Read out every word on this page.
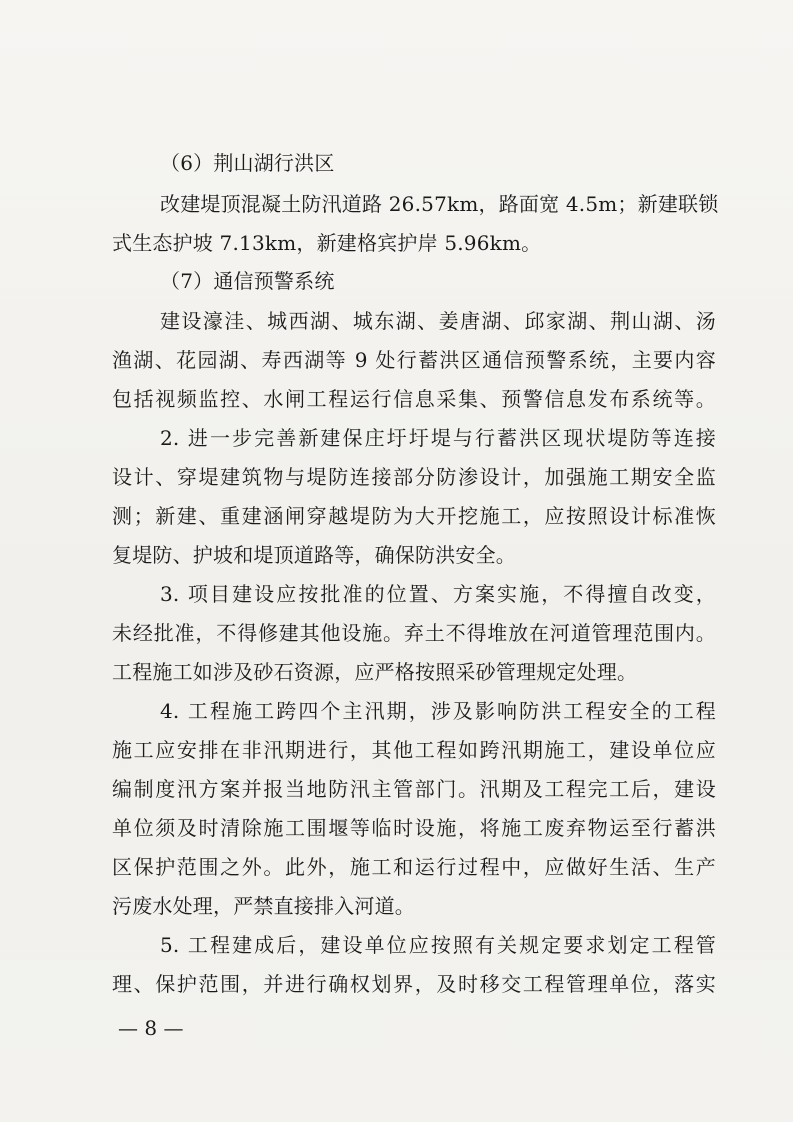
（6）荆山湖行洪区
改建堤顶混凝土防汛道路 26.57km，路面宽 4.5m；新建联锁
式生态护坡 7.13km，新建格宾护岸 5.96km。
（7）通信预警系统
建设濠洼、城西湖、城东湖、姜唐湖、邱家湖、荆山湖、汤
渔湖、花园湖、寿西湖等 9 处行蓄洪区通信预警系统，主要内容
包括视频监控、水闸工程运行信息采集、预警信息发布系统等。
2. 进一步完善新建保庄圩圩堤与行蓄洪区现状堤防等连接
设计、穿堤建筑物与堤防连接部分防渗设计，加强施工期安全监
测；新建、重建涵闸穿越堤防为大开挖施工，应按照设计标准恢
复堤防、护坡和堤顶道路等，确保防洪安全。
3. 项目建设应按批准的位置、方案实施，不得擅自改变，
未经批准，不得修建其他设施。弃土不得堆放在河道管理范围内。
工程施工如涉及砂石资源，应严格按照采砂管理规定处理。
4. 工程施工跨四个主汛期，涉及影响防洪工程安全的工程
施工应安排在非汛期进行，其他工程如跨汛期施工，建设单位应
编制度汛方案并报当地防汛主管部门。汛期及工程完工后，建设
单位须及时清除施工围堰等临时设施，将施工废弃物运至行蓄洪
区保护范围之外。此外，施工和运行过程中，应做好生活、生产
污废水处理，严禁直接排入河道。
5. 工程建成后，建设单位应按照有关规定要求划定工程管
理、保护范围，并进行确权划界，及时移交工程管理单位，落实
— 8 —
